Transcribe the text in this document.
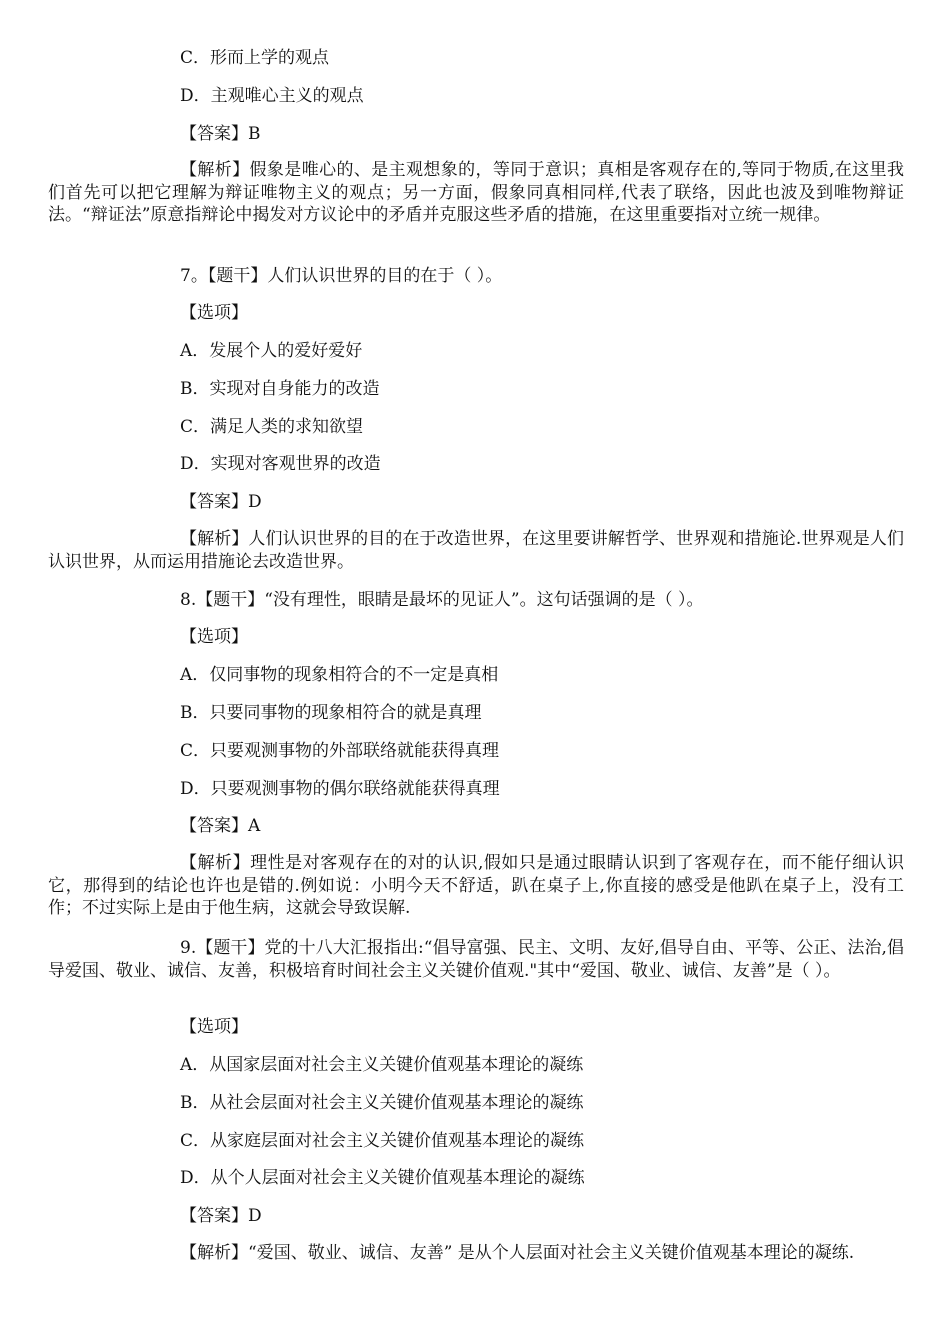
C．形而上学的观点
D．主观唯心主义的观点
【答案】B
【解析】假象是唯心的、是主观想象的，等同于意识；真相是客观存在的,等同于物质,在这里我们首先可以把它理解为辩证唯物主义的观点；另一方面，假象同真相同样,代表了联络，因此也波及到唯物辩证法。“辩证法”原意指辩论中揭发对方议论中的矛盾并克服这些矛盾的措施，在这里重要指对立统一规律。
7。【题干】人们认识世界的目的在于（ ）。
【选项】
A．发展个人的爱好爱好
B．实现对自身能力的改造
C．满足人类的求知欲望
D．实现对客观世界的改造
【答案】D
【解析】人们认识世界的目的在于改造世界，在这里要讲解哲学、世界观和措施论.世界观是人们认识世界，从而运用措施论去改造世界。
8.【题干】“没有理性，眼睛是最坏的见证人”。这句话强调的是（ ）。
【选项】
A．仅同事物的现象相符合的不一定是真相
B．只要同事物的现象相符合的就是真理
C．只要观测事物的外部联络就能获得真理
D．只要观测事物的偶尔联络就能获得真理
【答案】A
【解析】理性是对客观存在的对的认识,假如只是通过眼睛认识到了客观存在，而不能仔细认识它，那得到的结论也许也是错的.例如说：小明今天不舒适，趴在桌子上,你直接的感受是他趴在桌子上，没有工作；不过实际上是由于他生病，这就会导致误解.
9.【题干】党的十八大汇报指出:“倡导富强、民主、文明、友好,倡导自由、平等、公正、法治,倡导爱国、敬业、诚信、友善，积极培育时间社会主义关键价值观."其中“爱国、敬业、诚信、友善”是（ ）。
【选项】
A．从国家层面对社会主义关键价值观基本理论的凝练
B．从社会层面对社会主义关键价值观基本理论的凝练
C．从家庭层面对社会主义关键价值观基本理论的凝练
D．从个人层面对社会主义关键价值观基本理论的凝练
【答案】D
【解析】“爱国、敬业、诚信、友善” 是从个人层面对社会主义关键价值观基本理论的凝练.
